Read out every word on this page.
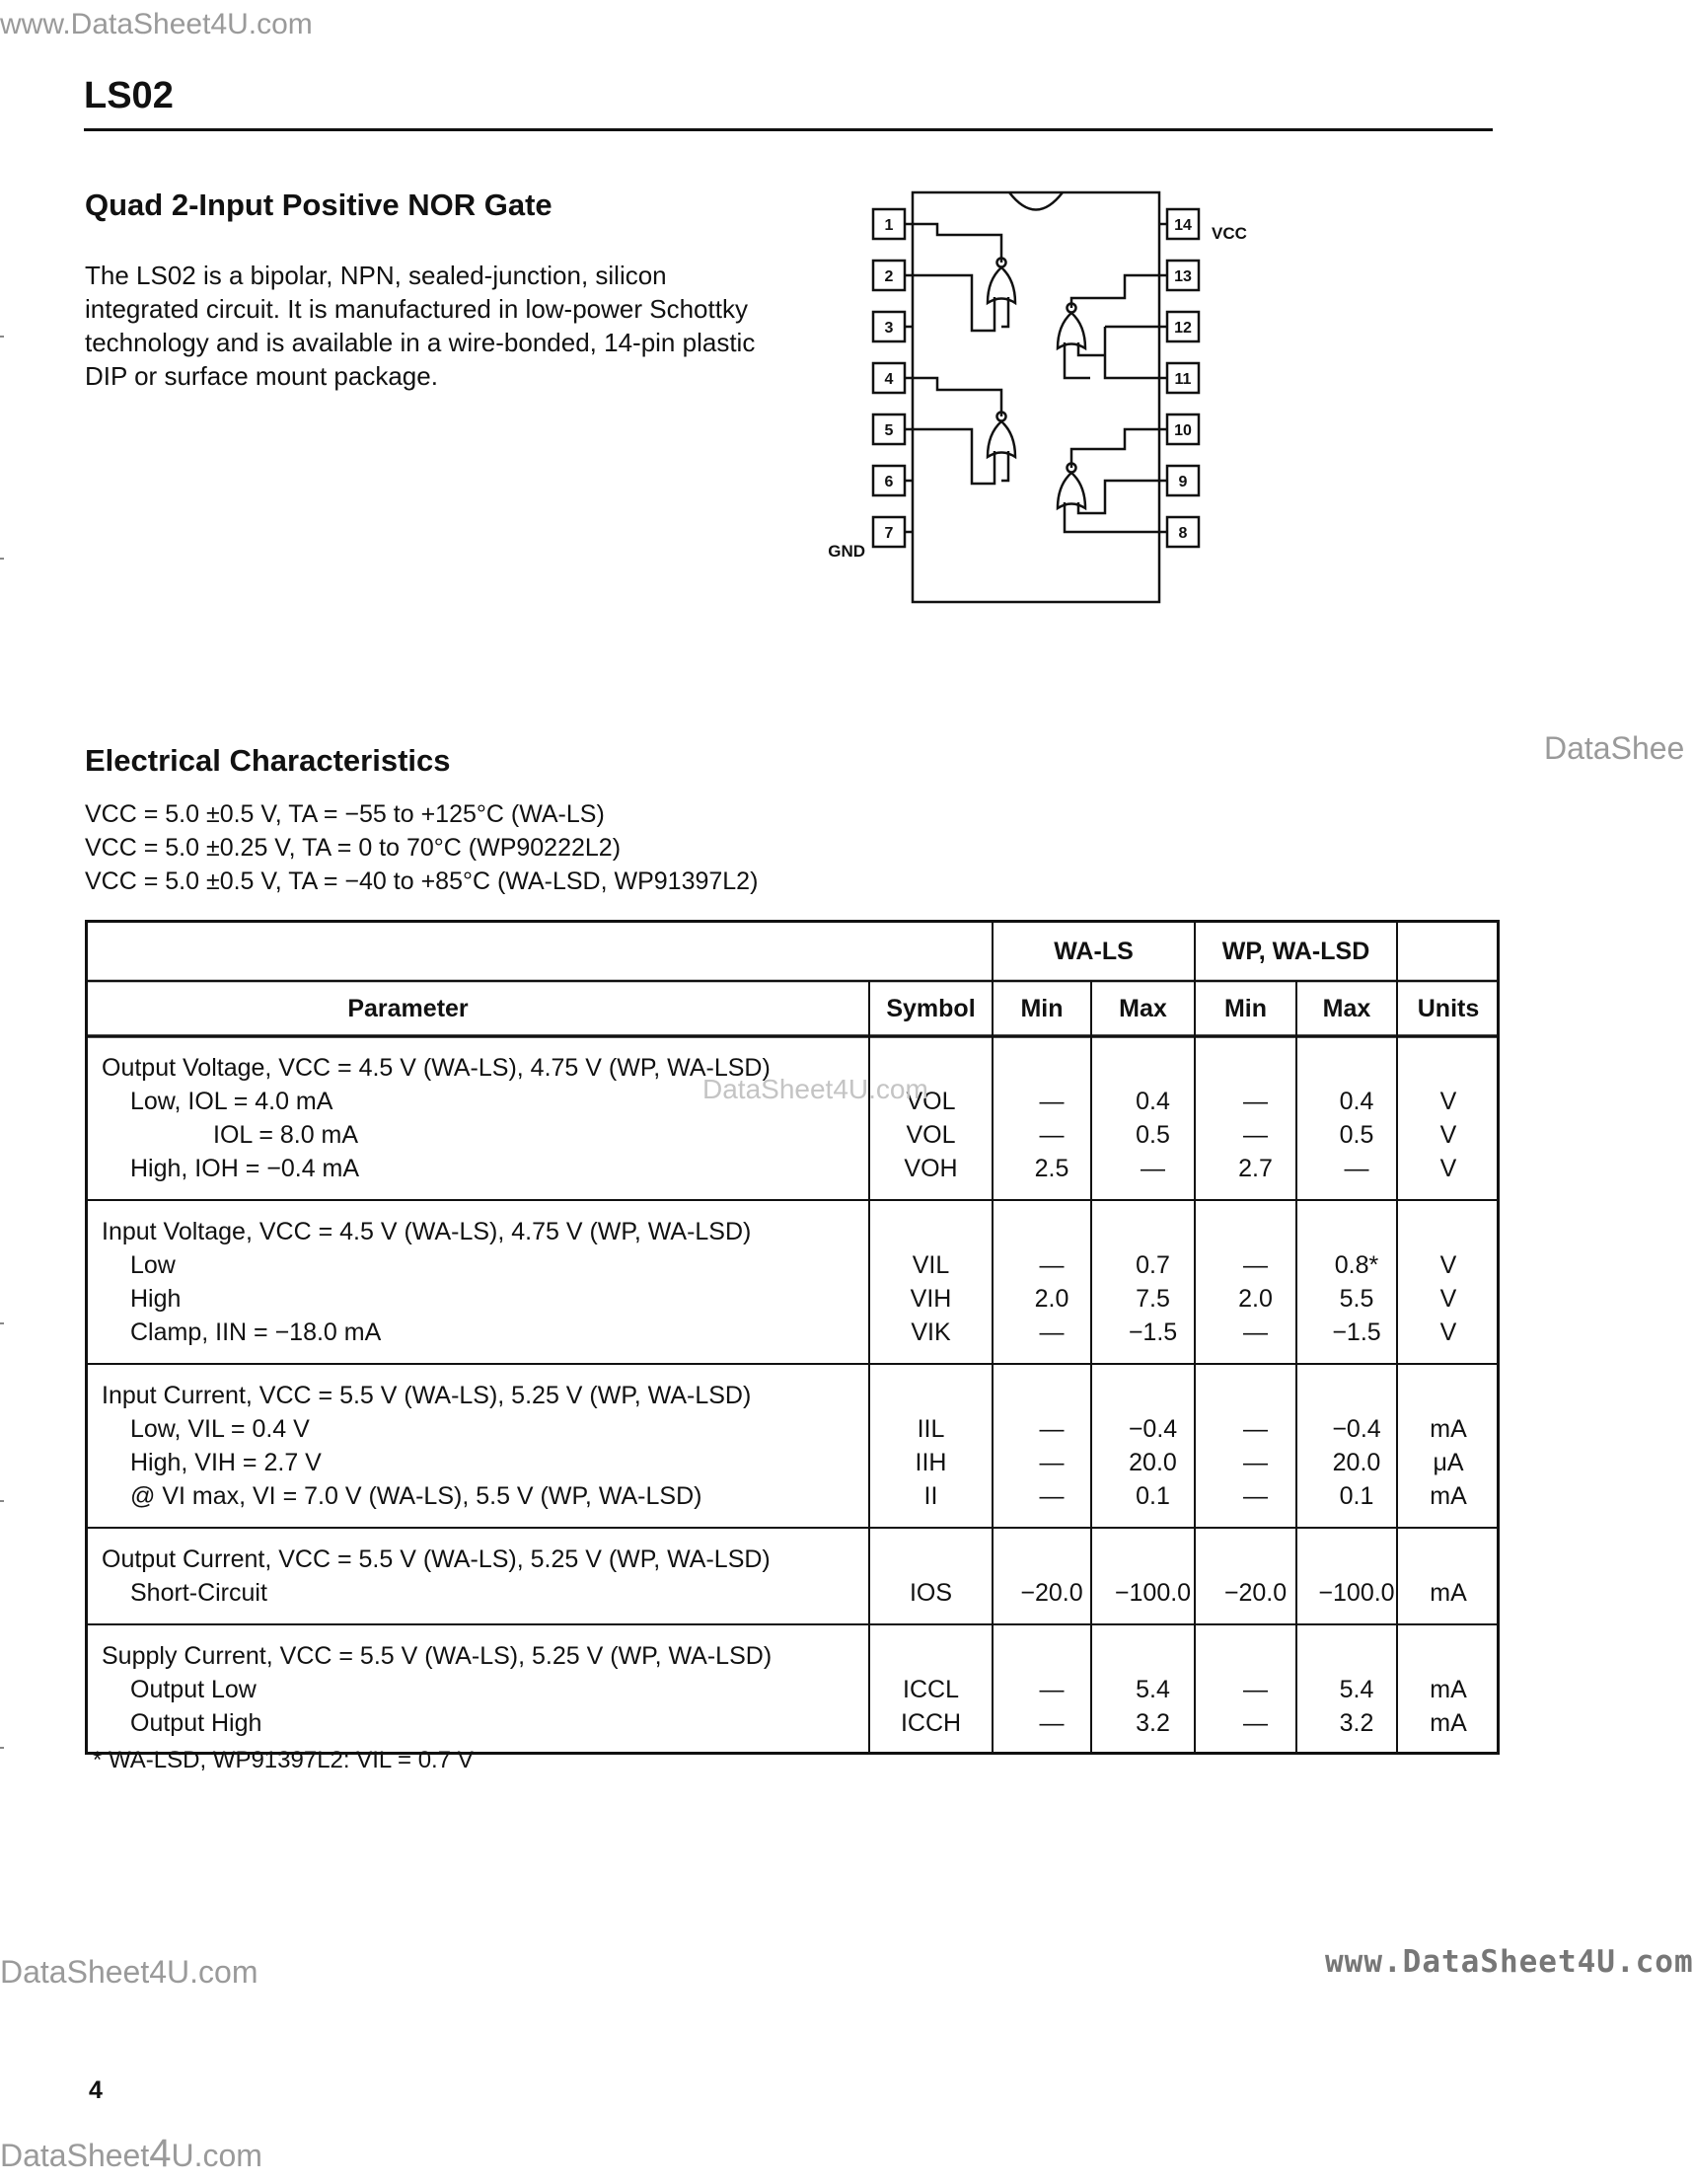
www.DataSheet4U.com
LS02
Quad 2-Input Positive NOR Gate
The LS02 is a bipolar, NPN, sealed-junction, silicon integrated circuit. It is manufactured in low-power Schottky technology and is available in a wire-bonded, 14-pin plastic DIP or surface mount package.
1
2
3
4
5
6
7
14
13
12
11
10
9
8
VCC
GND
Electrical Characteristics
VCC = 5.0 ±0.5 V, TA = −55 to +125°C (WA-LS)
VCC = 5.0 ±0.25 V, TA = 0 to 70°C (WP90222L2)
VCC = 5.0 ±0.5 V, TA = −40 to +85°C (WA-LSD, WP91397L2)
DataShee
WA-LS	WP, WA-LSD
Parameter	Symbol Min Max Min Max Units
Output Voltage, VCC = 4.5 V (WA-LS), 4.75 V (WP, WA-LSD)
Low, IOL = 4.0 mA	VOL	—	0.4	—	0.4	V
IOL = 8.0 mA	VOL	—	0.5	—	0.5	V
High, IOH = −0.4 mA	VOH	2.5	—	2.7	—	V
Input Voltage, VCC = 4.5 V (WA-LS), 4.75 V (WP, WA-LSD)
Low	VIL	—	0.7	—	0.8* V
High	VIH	2.0	7.5	2.0	5.5	V
Clamp, IIN = −18.0 mA	VIK	—	−1.5	—	−1.5 V
Input Current, VCC = 5.5 V (WA-LS), 5.25 V (WP, WA-LSD)
Low, VIL = 0.4 V	IIL	—	−0.4	—	−0.4 mA
High, VIH = 2.7 V	IIH	—	20.0	—	20.0 μA
@ VI max, VI = 7.0 V (WA-LS), 5.5 V (WP, WA-LSD)	II	—	0.1	—	0.1 mA
Output Current, VCC = 5.5 V (WA-LS), 5.25 V (WP, WA-LSD)
Short-Circuit	IOS	−20.0 −100.0 −20.0 −100.0 mA
Supply Current, VCC = 5.5 V (WA-LS), 5.25 V (WP, WA-LSD)
Output Low	ICCL	—	5.4	—	5.4 mA
Output High	ICCH	—	3.2	—	3.2 mA
DataSheet4U.com
* WA-LSD, WP91397L2: VIL = 0.7 V
DataSheet4U.com	www.DataSheet4U.com
4
DataSheet4U.com
